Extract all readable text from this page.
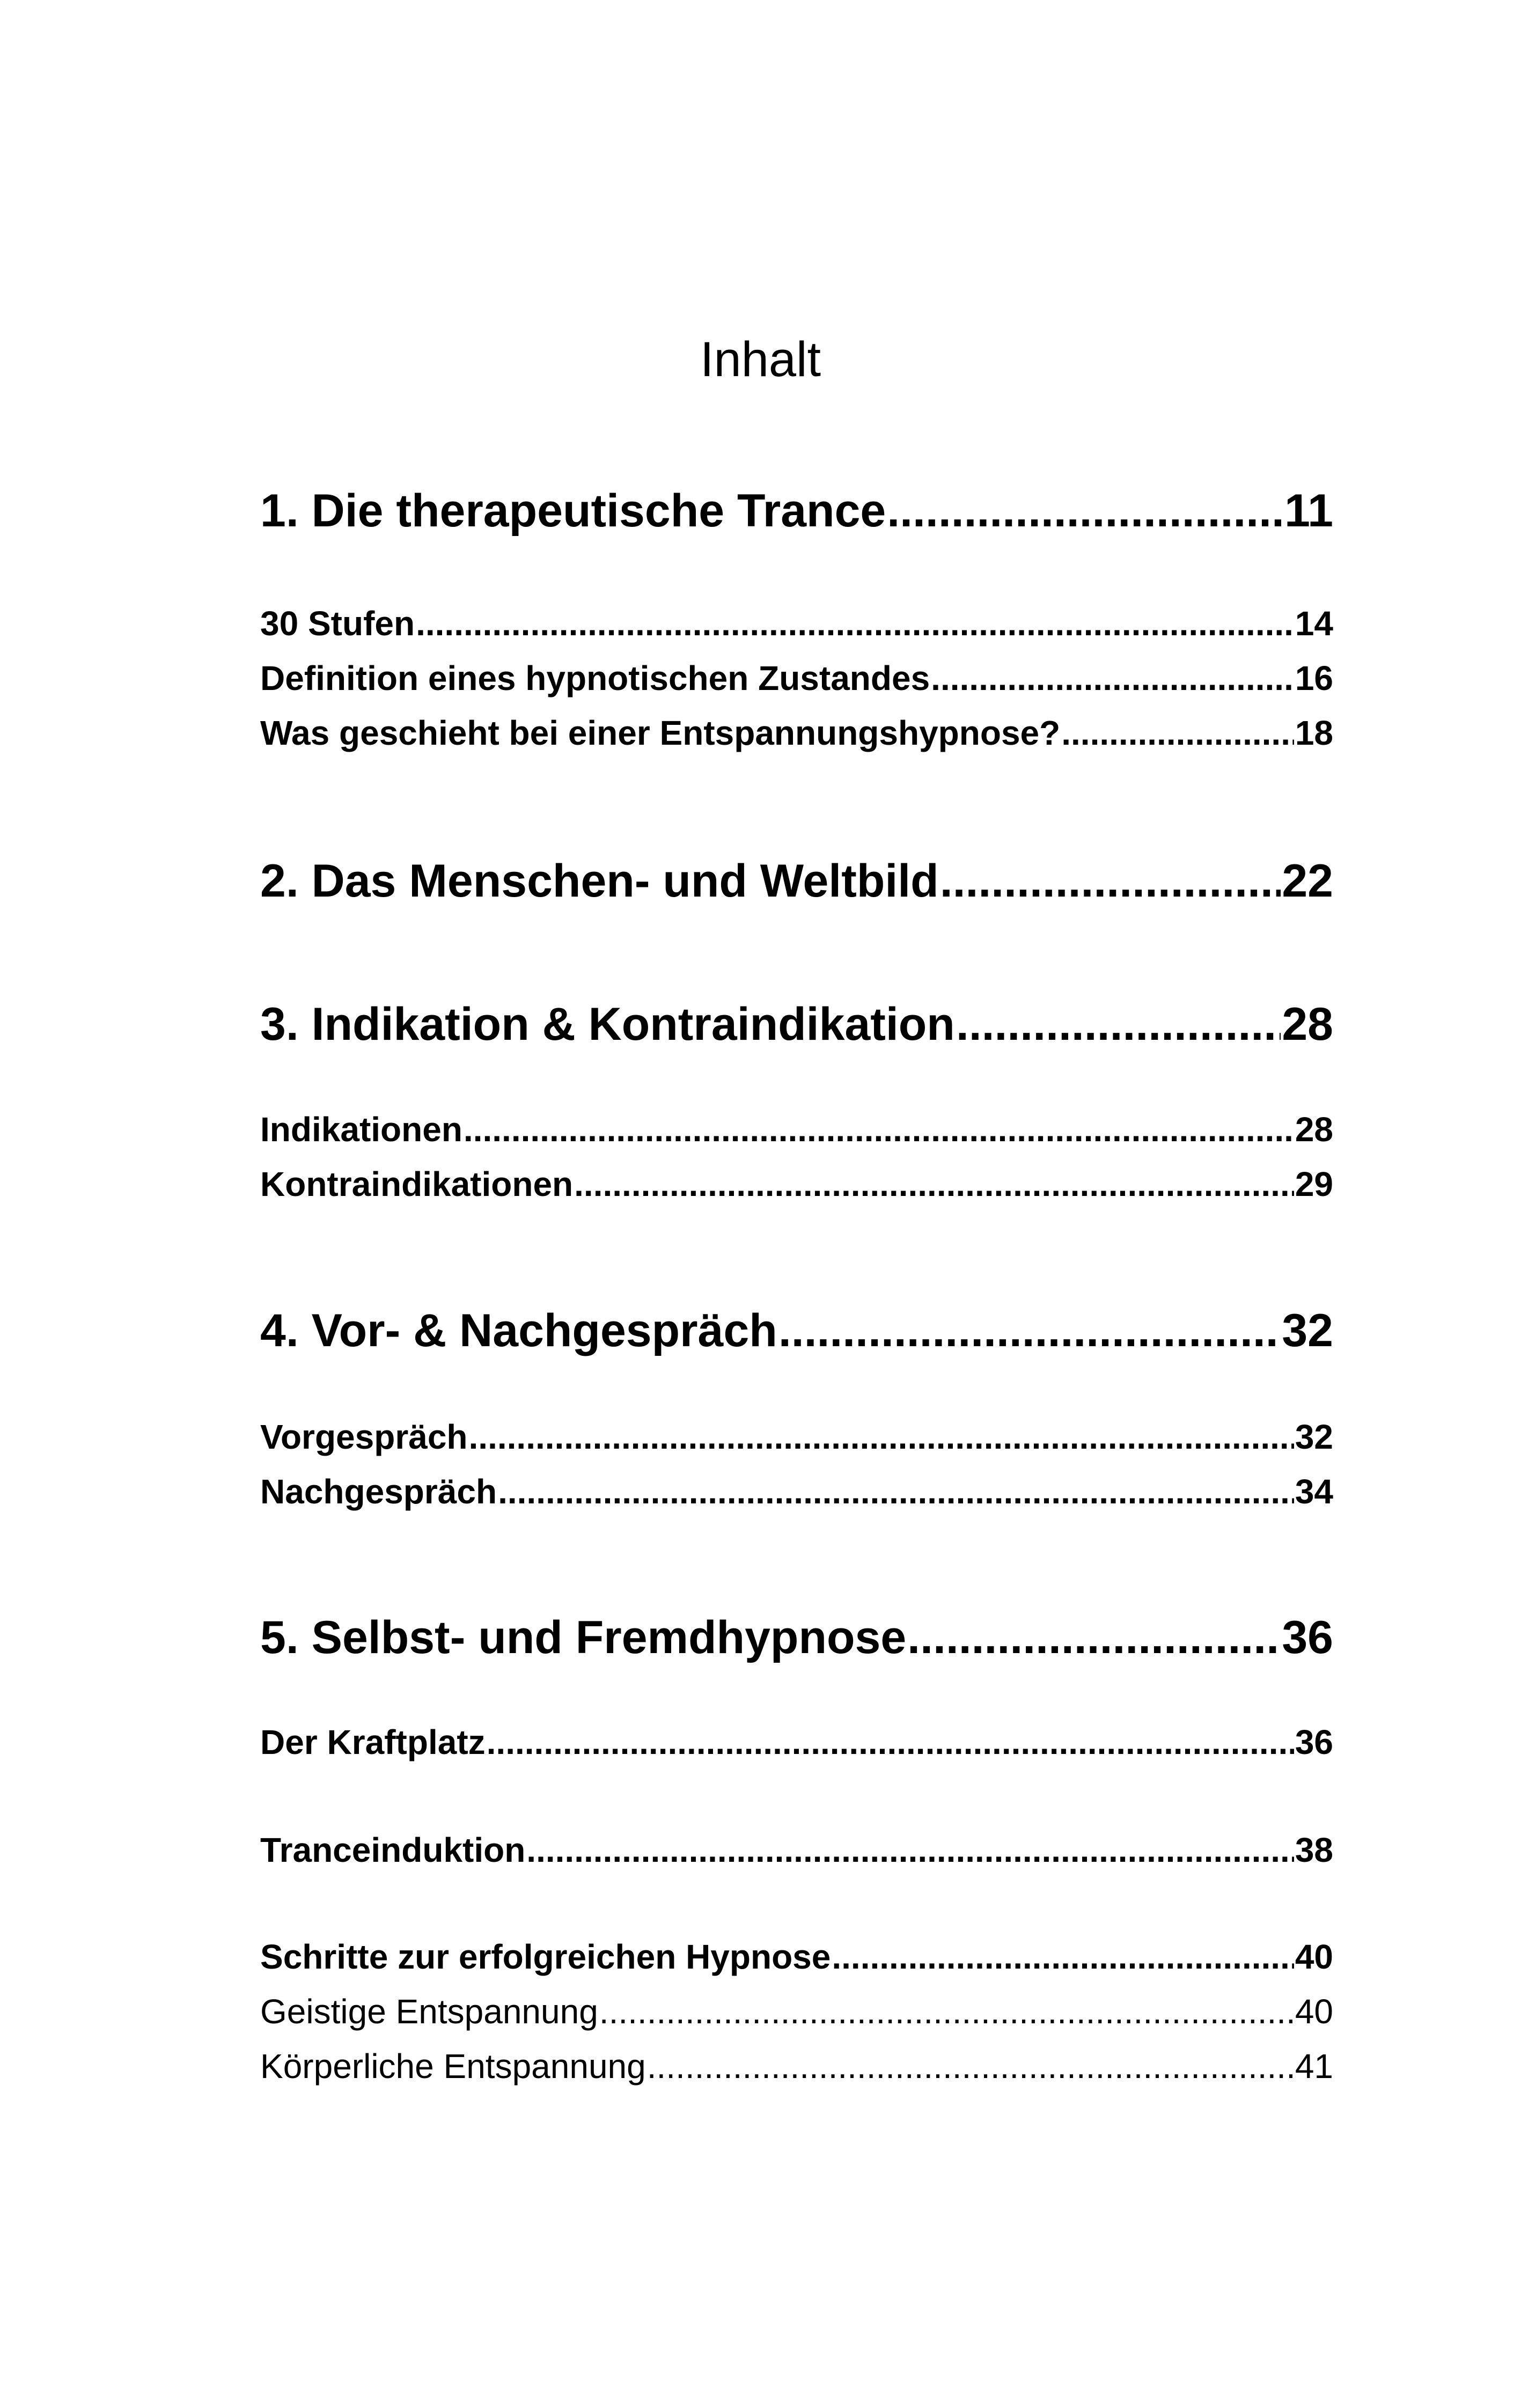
Inhalt
1. Die therapeutische Trance .....	11
30 Stufen .....	14
Definition eines hypnotischen Zustandes .....	16
Was geschieht bei einer Entspannungshypnose? .....	18
2. Das Menschen- und Weltbild .....	22
3. Indikation & Kontraindikation .....	28
Indikationen .....	28
Kontraindikationen .....	29
4. Vor- & Nachgespräch .....	32
Vorgespräch .....	32
Nachgespräch .....	34
5. Selbst- und Fremdhypnose .....	36
Der Kraftplatz .....	36
Tranceinduktion .....	38
Schritte zur erfolgreichen Hypnose .....	40
Geistige Entspannung .....	40
Körperliche Entspannung .....	41
